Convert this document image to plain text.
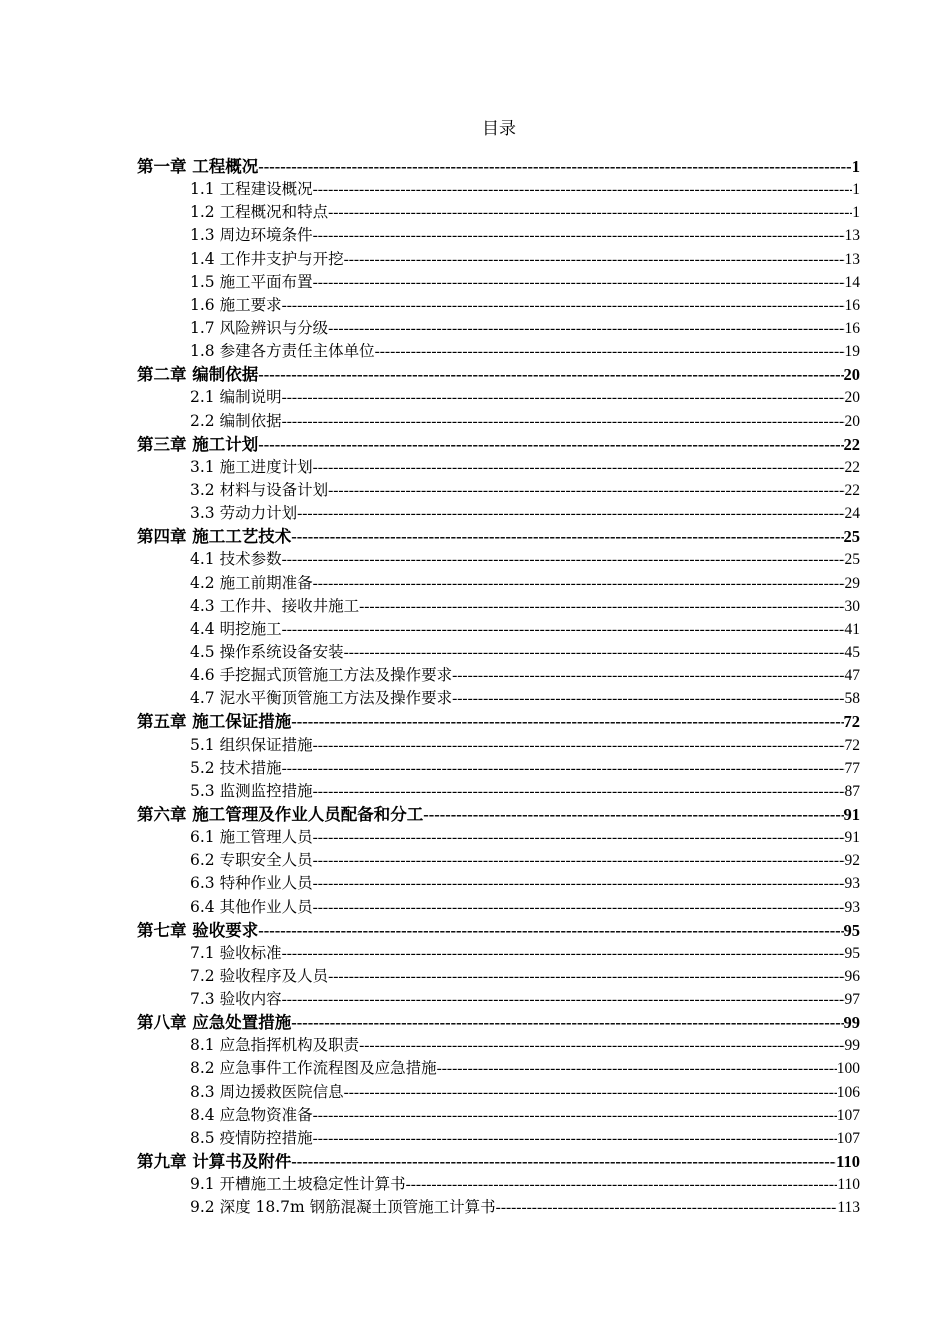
目录
第一章 工程概况 -----	1
1.1 工程建设概况 -----	1
1.2 工程概况和特点 -----	1
1.3 周边环境条件 -----	13
1.4 工作井支护与开挖 -----	13
1.5 施工平面布置 -----	14
1.6 施工要求 -----	16
1.7 风险辨识与分级 -----	16
1.8 参建各方责任主体单位 -----	19
第二章 编制依据 -----	20
2.1 编制说明 -----	20
2.2 编制依据 -----	20
第三章 施工计划 -----	22
3.1 施工进度计划 -----	22
3.2 材料与设备计划 -----	22
3.3 劳动力计划 -----	24
第四章 施工工艺技术 -----	25
4.1 技术参数 -----	25
4.2 施工前期准备 -----	29
4.3 工作井、接收井施工 -----	30
4.4 明挖施工 -----	41
4.5 操作系统设备安装 -----	45
4.6 手挖掘式顶管施工方法及操作要求 -----	47
4.7 泥水平衡顶管施工方法及操作要求 -----	58
第五章 施工保证措施 -----	72
5.1 组织保证措施 -----	72
5.2 技术措施 -----	77
5.3 监测监控措施 -----	87
第六章 施工管理及作业人员配备和分工 -----	91
6.1 施工管理人员 -----	91
6.2 专职安全人员 -----	92
6.3 特种作业人员 -----	93
6.4 其他作业人员 -----	93
第七章 验收要求 -----	95
7.1 验收标准 -----	95
7.2 验收程序及人员 -----	96
7.3 验收内容 -----	97
第八章 应急处置措施 -----	99
8.1 应急指挥机构及职责 -----	99
8.2 应急事件工作流程图及应急措施 -----	100
8.3 周边援救医院信息 -----	106
8.4 应急物资准备 -----	107
8.5 疫情防控措施 -----	107
第九章 计算书及附件 -----	110
9.1 开槽施工土坡稳定性计算书 -----	110
9.2 深度 18.7m 钢筋混凝土顶管施工计算书 -----	113
